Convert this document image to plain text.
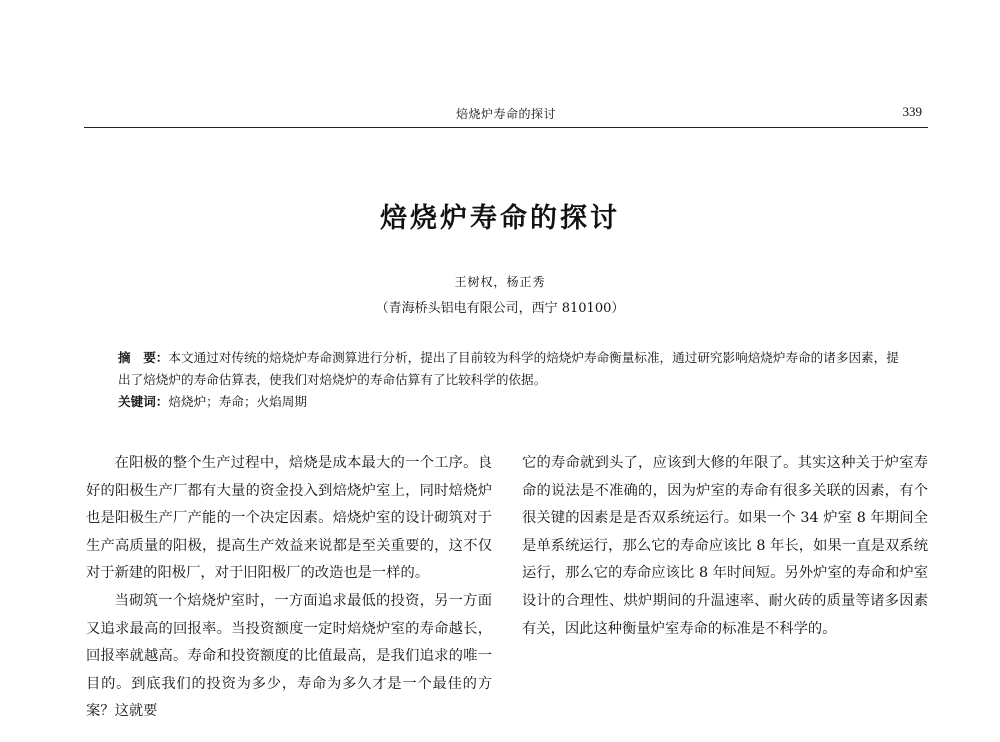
焙烧炉寿命的探讨	339
焙烧炉寿命的探讨
王树权，杨正秀
（青海桥头铝电有限公司，西宁 810100）

摘　要：本文通过对传统的焙烧炉寿命测算进行分析，提出了目前较为科学的焙烧炉寿命衡量标准，通过研究影响焙烧炉寿命的诸多因素，提出了焙烧炉的寿命估算表，使我们对焙烧炉的寿命估算有了比较科学的依据。

关键词：焙烧炉；寿命；火焰周期

在阳极的整个生产过程中，焙烧是成本最大的一个工序。良好的阳极生产厂都有大量的资金投入到焙烧炉室上，同时焙烧炉也是阳极生产厂产能的一个决定因素。焙烧炉室的设计砌筑对于生产高质量的阳极，提高生产效益来说都是至关重要的，这不仅对于新建的阳极厂，对于旧阳极厂的改造也是一样的。

当砌筑一个焙烧炉室时，一方面追求最低的投资，另一方面又追求最高的回报率。当投资额度一定时焙烧炉室的寿命越长，回报率就越高。寿命和投资额度的比值最高，是我们追求的唯一目的。到底我们的投资为多少，寿命为多久才是一个最佳的方案？这就要

它的寿命就到头了，应该到大修的年限了。其实这种关于炉室寿命的说法是不准确的，因为炉室的寿命有很多关联的因素，有个很关键的因素是是否双系统运行。如果一个 34 炉室 8 年期间全是单系统运行，那么它的寿命应该比 8 年长，如果一直是双系统运行，那么它的寿命应该比 8 年时间短。另外炉室的寿命和炉室设计的合理性、烘炉期间的升温速率、耐火砖的质量等诸多因素有关，因此这种衡量炉室寿命的标准是不科学的。
